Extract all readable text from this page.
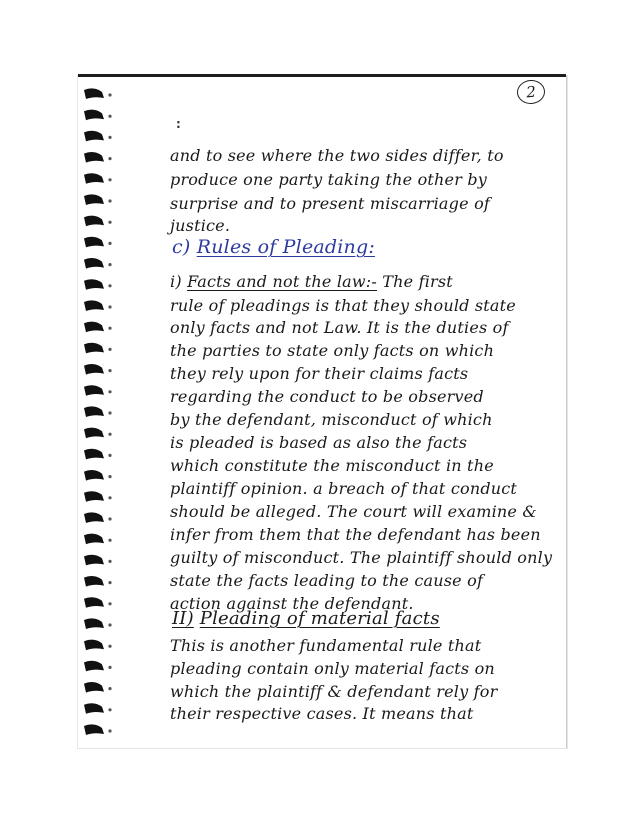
2
:
and to see where the two sides differ, to
produce one party taking the other by
surprise and to present miscarriage of
justice.
c) Rules of Pleading:
i) Facts and not the law:- The first
rule of pleadings is that they should state
only facts and not Law. It is the duties of
the parties to state only facts on which
they rely upon for their claims facts
regarding the conduct to be observed
by the defendant, misconduct of which
is pleaded is based as also the facts
which constitute the misconduct in the
plaintiff opinion. a breach of that conduct
should be alleged. The court will examine &
infer from them that the defendant has been
guilty of misconduct. The plaintiff should only
state the facts leading to the cause of
action against the defendant.
II) Pleading of material facts
This is another fundamental rule that
pleading contain only material facts on
which the plaintiff & defendant rely for
their respective cases. It means that
